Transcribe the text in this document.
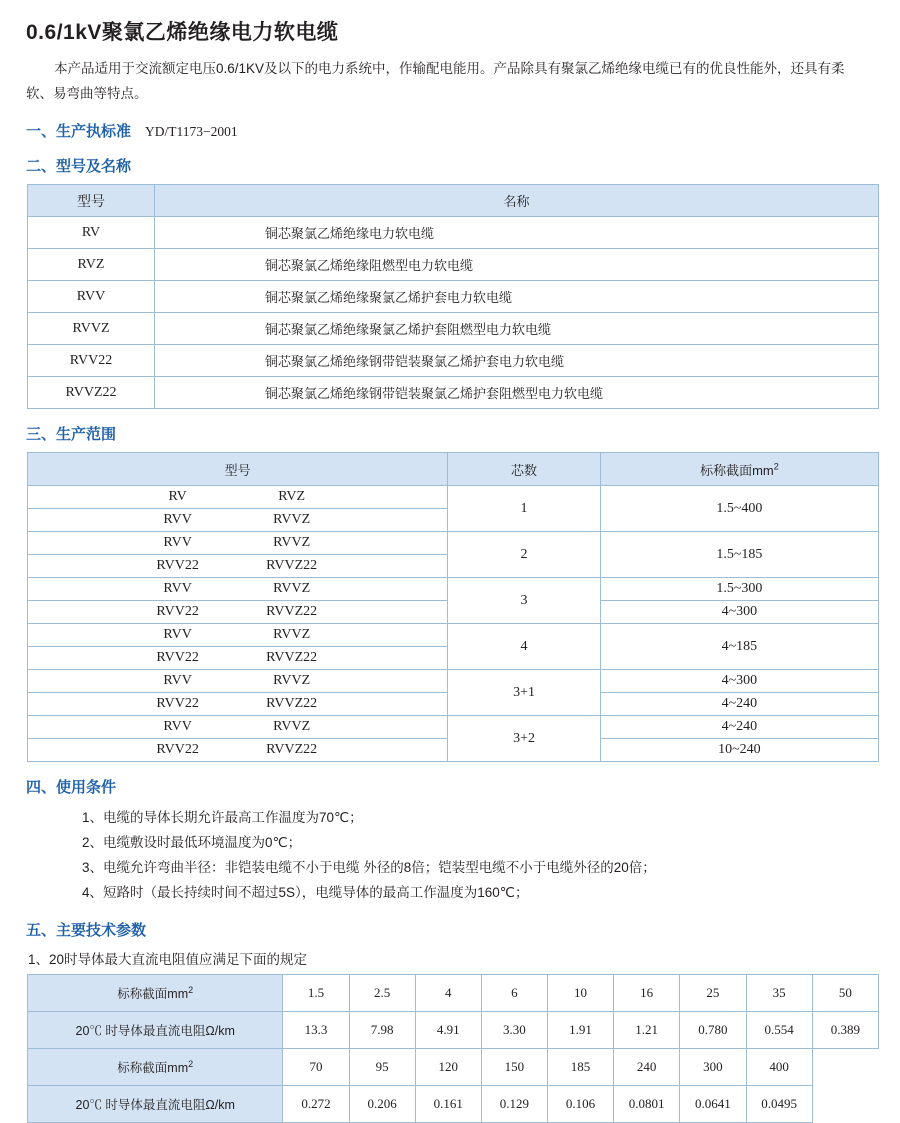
0.6/1kV聚氯乙烯绝缘电力软电缆

本产品适用于交流额定电压0.6/1KV及以下的电力系统中，作输配电能用。产品除具有聚氯乙烯绝缘电缆已有的优良性能外，还具有柔软、易弯曲等特点。

一、生产执标准 YD/T1173−2001
二、型号及名称
型号	名称
RV	铜芯聚氯乙烯绝缘电力软电缆
RVZ	铜芯聚氯乙烯绝缘阻燃型电力软电缆
RVV	铜芯聚氯乙烯绝缘聚氯乙烯护套电力软电缆
RVVZ	铜芯聚氯乙烯绝缘聚氯乙烯护套阻燃型电力软电缆
RVV22	铜芯聚氯乙烯绝缘钢带铠装聚氯乙烯护套电力软电缆
RVVZ22	铜芯聚氯乙烯绝缘钢带铠装聚氯乙烯护套阻燃型电力软电缆
三、生产范围
型号	芯数	标称截面$mm^2$

RV RVZ	1	1.5~400

RVV RVVZ		

RVV RVVZ	2	1.5~185

RVV22 RVVZ22		

RVV RVVZ	3	1.5~300

RVV22 RVVZ22		4~300

RVV RVVZ	4	4~185

RVV22 RVVZ22		

RVV RVVZ	3+1	4~300

RVV22 RVVZ22		4~240

RVV RVVZ	3+2	4~240

RVV22 RVVZ22		10~240
四、使用条件
1、电缆的导体长期允许最高工作温度为70℃；
2、电缆敷设时最低环境温度为0℃；
3、电缆允许弯曲半径：非铠装电缆不小于电缆 外径的8倍；铠装型电缆不小于电缆外径的20倍；
4、短路时（最长持续时间不超过5S），电缆导体的最高工作温度为160℃；
五、主要技术参数
1、20时导体最大直流电阻值应满足下面的规定
标称截面$mm^2$	1.5	2.5	4	6	10	16	25	35	50
20℃ 时导体最直流电阻Ω/km	13.3	7.98	4.91	3.30	1.91	1.21	0.780	0.554	0.389
标称截面$mm^2$	70	95	120	150	185	240	300	400	
20℃ 时导体最直流电阻Ω/km	0.272	0.206	0.161	0.129	0.106	0.0801	0.0641	0.0495	
